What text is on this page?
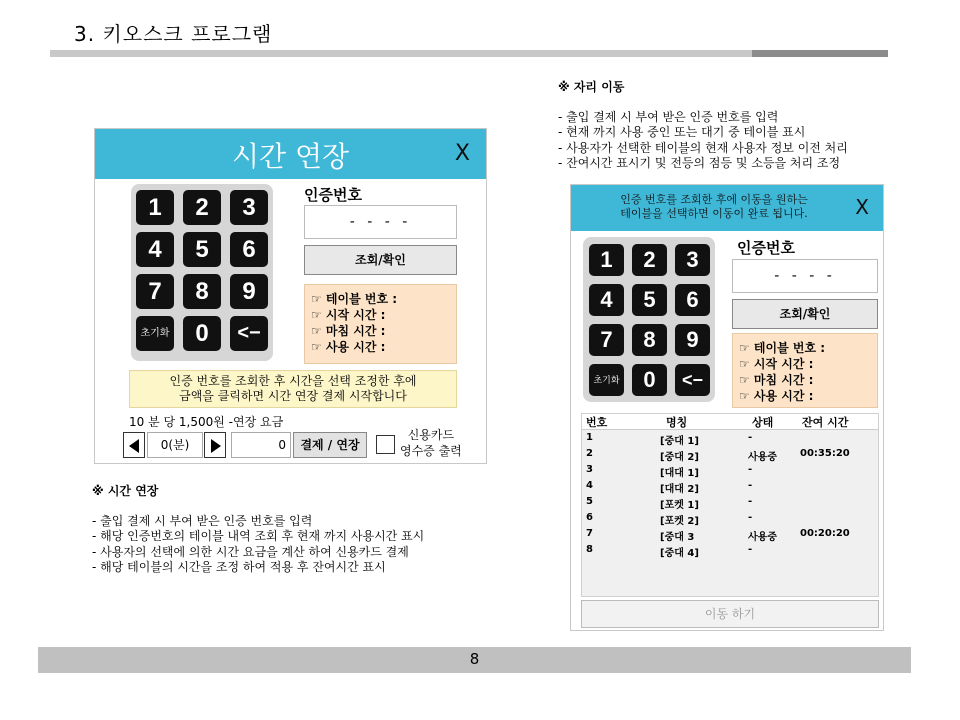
3. 키오스크 프로그램
※ 자리 이동
- 출입 결제 시 부여 받은 인증 번호를 입력
- 현재 까지 사용 중인 또는 대기 중 테이블 표시
- 사용자가 선택한 테이블의 현재 사용자 정보 이전 처리
- 잔여시간 표시기 및 전등의 점등 및 소등을 처리 조정
※ 시간 연장
- 출입 결제 시 부여 받은 인증 번호를 입력
- 해당 인증번호의 테이블 내역 조회 후 현재 까지 사용시간 표시
- 사용자의 선택에 의한 시간 요금을 계산 하여 신용카드 결제
- 해당 테이블의 시간을 조정 하여 적용 후 잔여시간 표시
시간 연장	X
1	2	3
4	5	6
7	8	9
초기화	0	<−
인증번호
- - - -
조회/확인
☞ 테이블 번호 :
☞ 시작 시간 :
☞ 마침 시간 :
☞ 사용 시간 :
인증 번호를 조회한 후 시간을 선택 조정한 후에
금액을 클릭하면 시간 연장 결제 시작합니다
10 분 당 1,500원 -연장 요금
0(분)	0	결제 / 연장
신용카드
영수증 출력
인증 번호를 조회한 후에 이동을 원하는
테이블을 선택하면 이동이 완료 됩니다.	X
1	2	3
4	5	6
7	8	9
초기화	0	<−
인증번호
- - - -
조회/확인
☞ 테이블 번호 :
☞ 시작 시간 :
☞ 마침 시간 :
☞ 사용 시간 :
번호	명칭	상태	잔여 시간
1	[중대 1]	-
2	[중대 2]	사용중 00:35:20
3	[대대 1]	-
4	[대대 2]	-
5	[포켓 1]	-
6	[포켓 2]	-
7	[중대 3	사용중 00:20:20
8	[중대 4]	-
이동 하기
8
